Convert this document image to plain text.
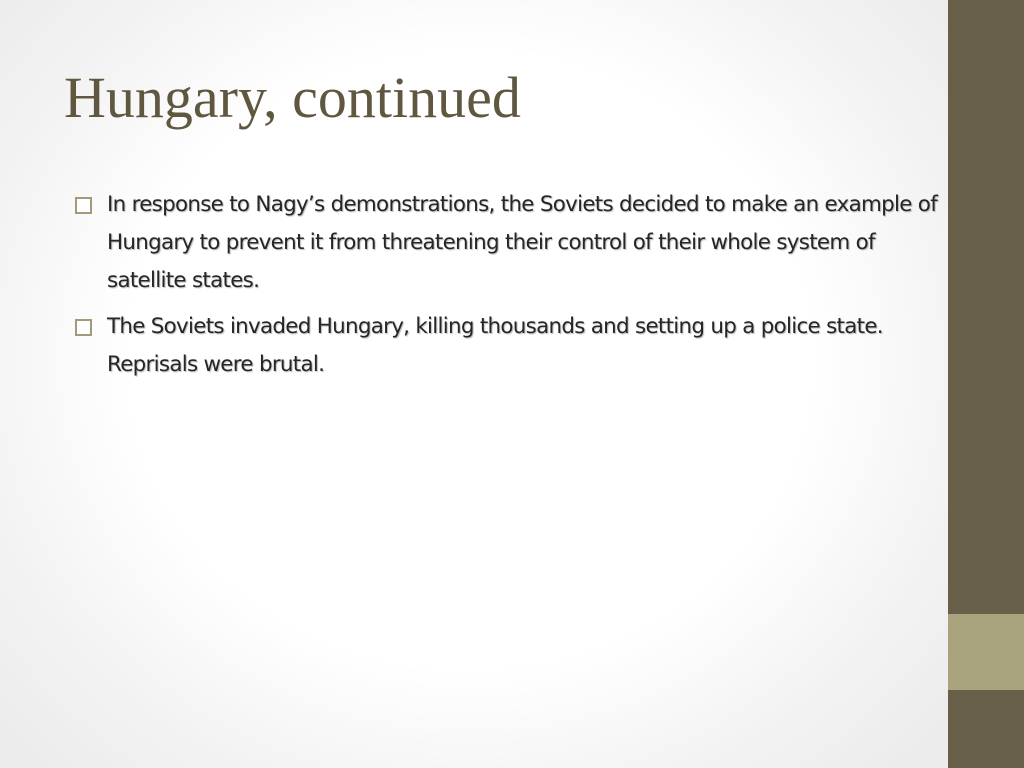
Hungary, continued
In response to Nagy’s demonstrations, the Soviets decided to make an example of Hungary to prevent it from threatening their control of their whole system of satellite states.
The Soviets invaded Hungary, killing thousands and setting up a police state. Reprisals were brutal.
